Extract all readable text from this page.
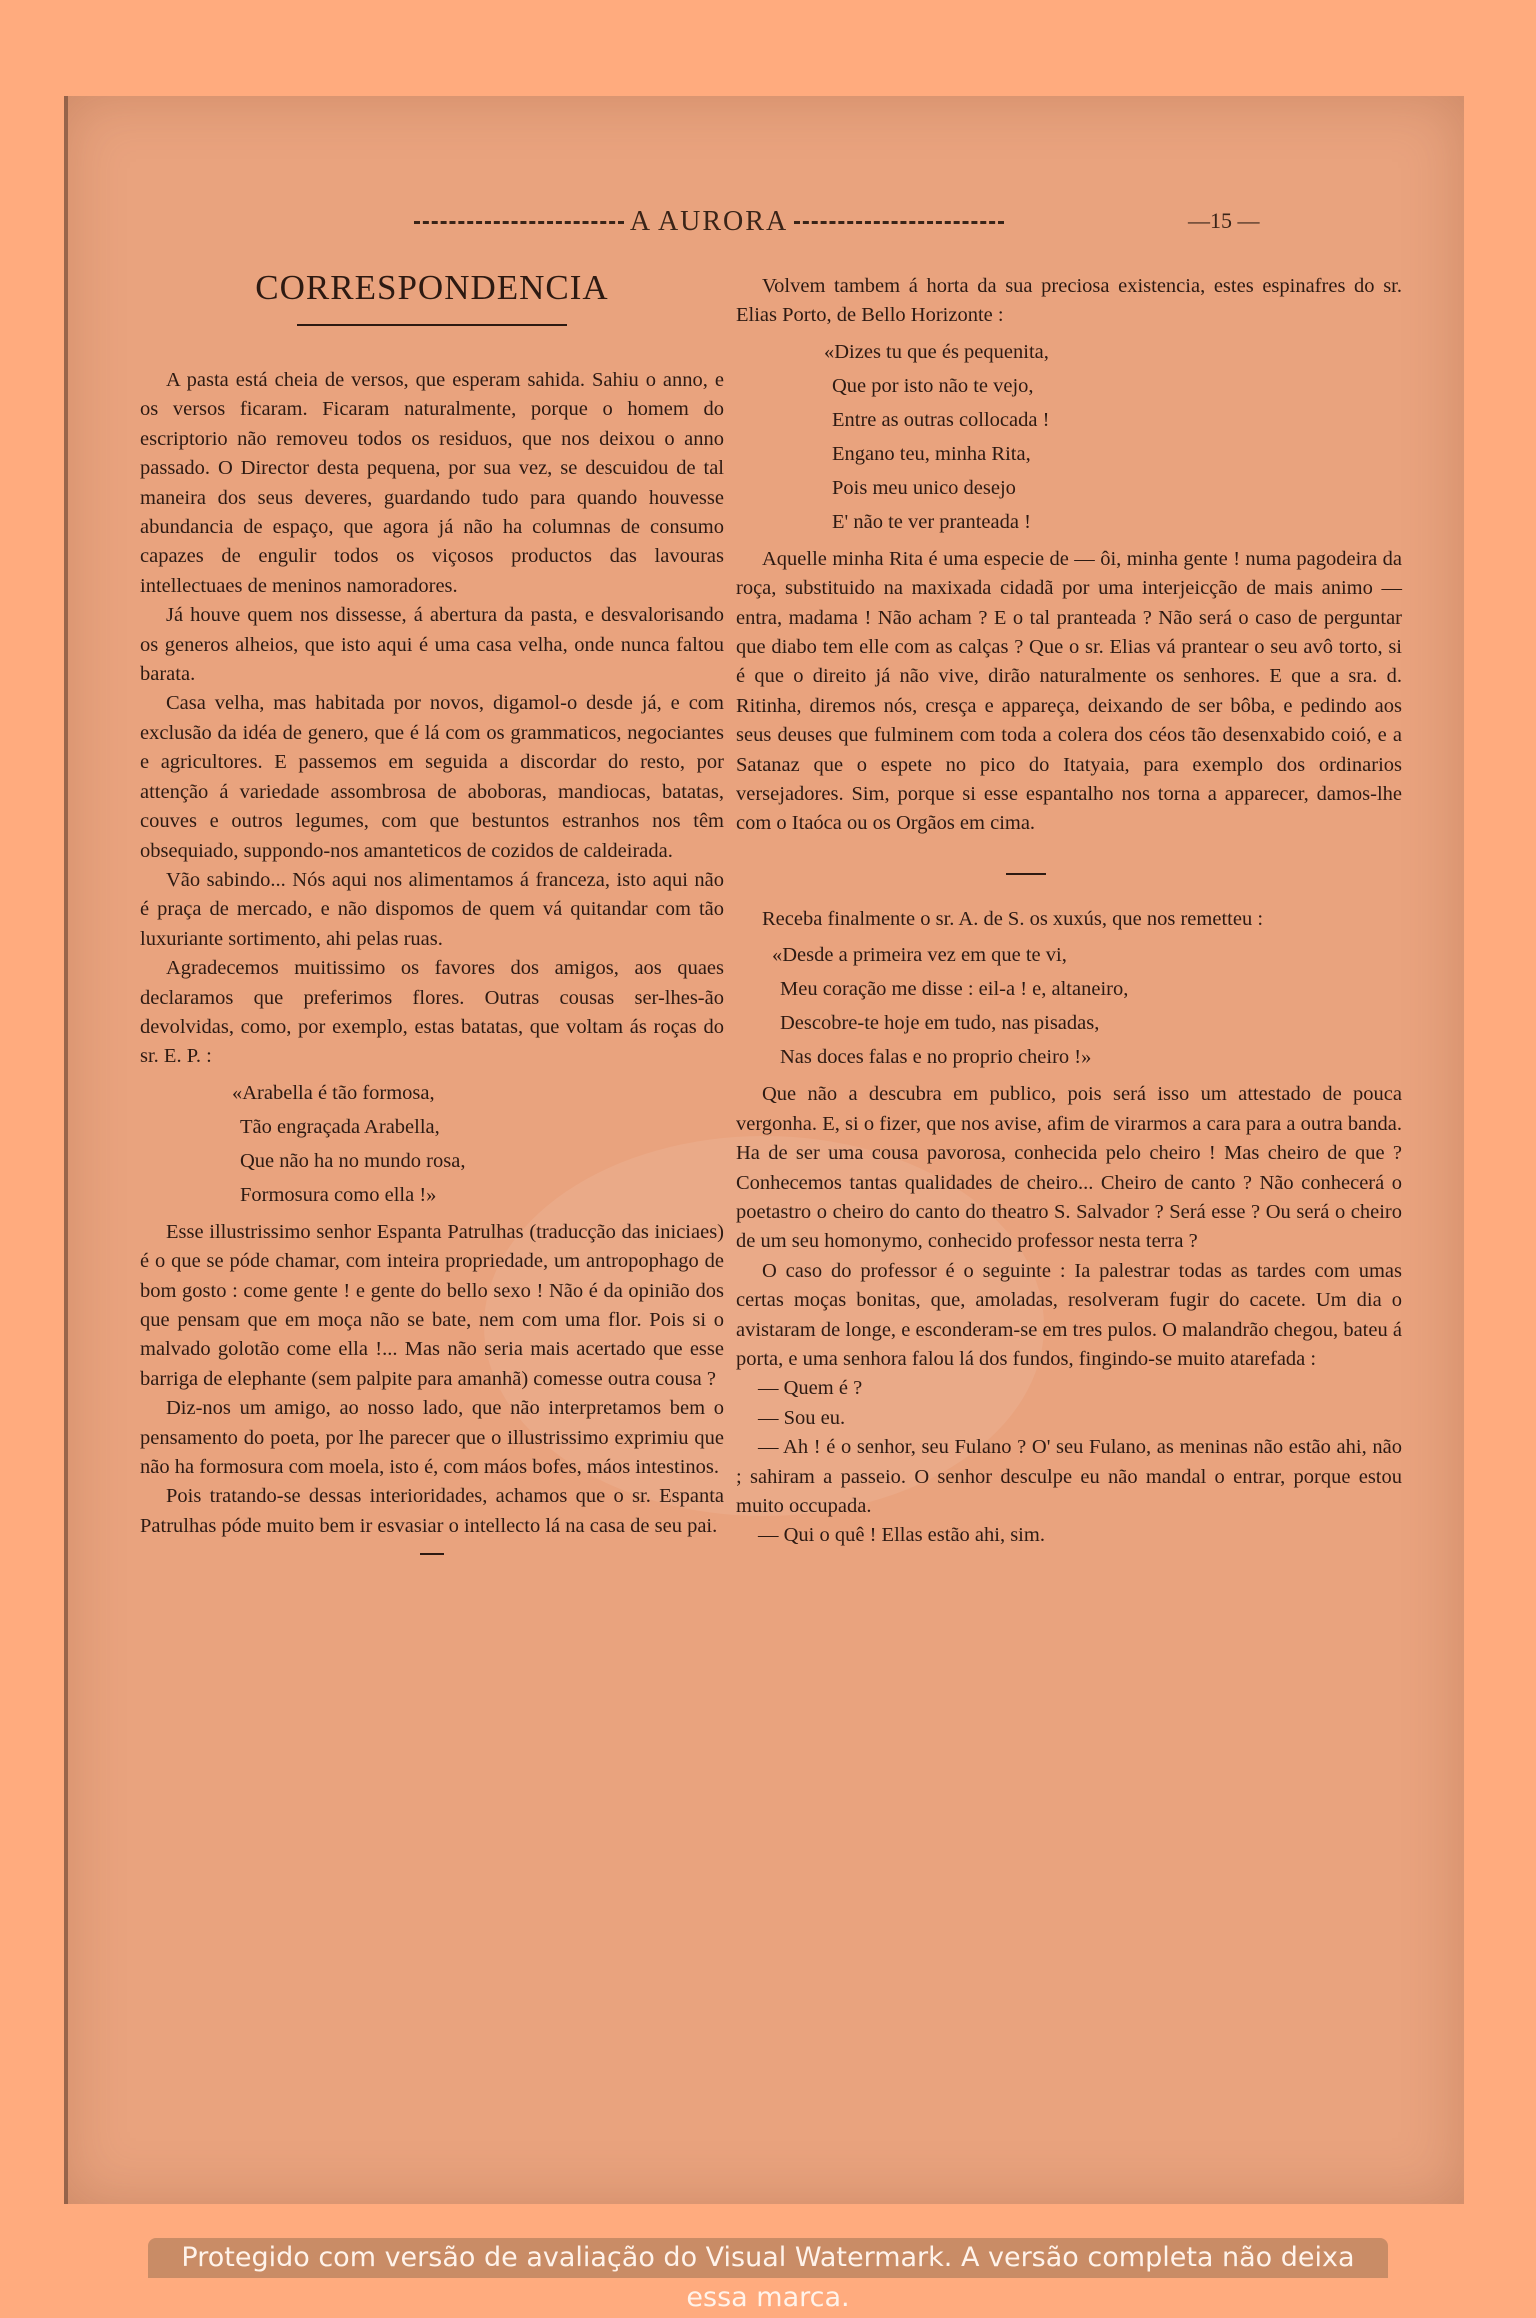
A AURORA	—15 —
CORRESPONDENCIA

A pasta está cheia de versos, que esperam sahida. Sahiu o anno, e os versos ficaram. Ficaram naturalmente, porque o homem do escriptorio não removeu todos os residuos, que nos deixou o anno passado. O Director desta pequena, por sua vez, se descuidou de tal maneira dos seus deveres, guardando tudo para quando houvesse abundancia de espaço, que agora já não ha columnas de consumo capazes de engulir todos os viçosos productos das lavouras intellectuaes de meninos namoradores.

Já houve quem nos dissesse, á abertura da pasta, e desvalorisando os generos alheios, que isto aqui é uma casa velha, onde nunca faltou barata.

Casa velha, mas habitada por novos, digamol-o desde já, e com exclusão da idéa de genero, que é lá com os grammaticos, negociantes e agricultores. E passemos em seguida a discordar do resto, por attenção á variedade assombrosa de aboboras, mandiocas, batatas, couves e outros legumes, com que bestuntos estranhos nos têm obsequiado, suppondo-nos amanteticos de cozidos de caldeirada.

Vão sabindo... Nós aqui nos alimentamos á franceza, isto aqui não é praça de mercado, e não dispomos de quem vá quitandar com tão luxuriante sortimento, ahi pelas ruas.

Agradecemos muitissimo os favores dos amigos, aos quaes declaramos que preferimos flores. Outras cousas ser-lhes-ão devolvidas, como, por exemplo, estas batatas, que voltam ás roças do sr. E. P. :

«Arabella é tão formosa,
Tão engraçada Arabella,
Que não ha no mundo rosa,
Formosura como ella !»

Esse illustrissimo senhor Espanta Patrulhas (traducção das iniciaes) é o que se póde chamar, com inteira propriedade, um antropophago de bom gosto : come gente ! e gente do bello sexo ! Não é da opinião dos que pensam que em moça não se bate, nem com uma flor. Pois si o malvado golotão come ella !... Mas não seria mais acertado que esse barriga de elephante (sem palpite para amanhã) comesse outra cousa ?

Diz-nos um amigo, ao nosso lado, que não interpretamos bem o pensamento do poeta, por lhe parecer que o illustrissimo exprimiu que não ha formosura com moela, isto é, com máos bofes, máos intestinos.

Pois tratando-se dessas interioridades, achamos que o sr. Espanta Patrulhas póde muito bem ir esvasiar o intellecto lá na casa de seu pai.

Volvem tambem á horta da sua preciosa existencia, estes espinafres do sr. Elias Porto, de Bello Horizonte :

«Dizes tu que és pequenita,
Que por isto não te vejo,
Entre as outras collocada !
Engano teu, minha Rita,
Pois meu unico desejo
E' não te ver pranteada !

Aquelle minha Rita é uma especie de — ôi, minha gente ! numa pagodeira da roça, substituido na maxixada cidadã por uma interjeicção de mais animo —entra, madama ! Não acham ? E o tal pranteada ? Não será o caso de perguntar que diabo tem elle com as calças ? Que o sr. Elias vá prantear o seu avô torto, si é que o direito já não vive, dirão naturalmente os senhores. E que a sra. d. Ritinha, diremos nós, cresça e appareça, deixando de ser bôba, e pedindo aos seus deuses que fulminem com toda a colera dos céos tão desenxabido coió, e a Satanaz que o espete no pico do Itatyaia, para exemplo dos ordinarios versejadores. Sim, porque si esse espantalho nos torna a apparecer, damos-lhe com o Itaóca ou os Orgãos em cima.

Receba finalmente o sr. A. de S. os xuxús, que nos remetteu :

«Desde a primeira vez em que te vi,
Meu coração me disse : eil-a ! e, altaneiro,
Descobre-te hoje em tudo, nas pisadas,
Nas doces falas e no proprio cheiro !»

Que não a descubra em publico, pois será isso um attestado de pouca vergonha. E, si o fizer, que nos avise, afim de virarmos a cara para a outra banda. Ha de ser uma cousa pavorosa, conhecida pelo cheiro ! Mas cheiro de que ? Conhecemos tantas qualidades de cheiro... Cheiro de canto ? Não conhecerá o poetastro o cheiro do canto do theatro S. Salvador ? Será esse ? Ou será o cheiro de um seu homonymo, conhecido professor nesta terra ?

O caso do professor é o seguinte : Ia palestrar todas as tardes com umas certas moças bonitas, que, amoladas, resolveram fugir do cacete. Um dia o avistaram de longe, e esconderam-se em tres pulos. O malandrão chegou, bateu á porta, e uma senhora falou lá dos fundos, fingindo-se muito atarefada :

— Quem é ?

— Sou eu.

— Ah ! é o senhor, seu Fulano ? O' seu Fulano, as meninas não estão ahi, não ; sahiram a passeio. O senhor desculpe eu não mandal o entrar, porque estou muito occupada.

— Qui o quê ! Ellas estão ahi, sim.

Protegido com versão de avaliação do Visual Watermark. A versão completa não deixa essa marca.
